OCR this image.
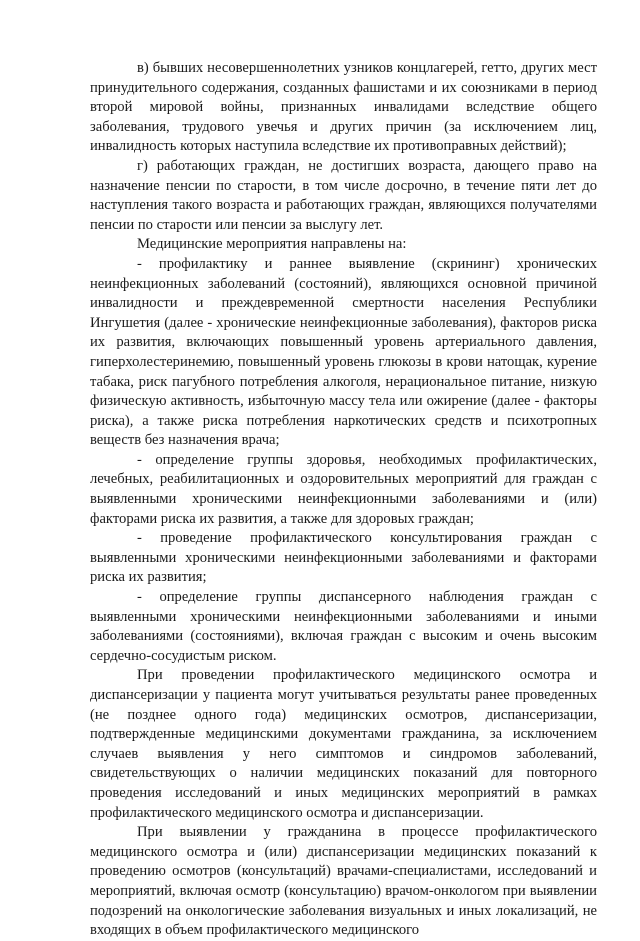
в) бывших несовершеннолетних узников концлагерей, гетто, других мест принудительного содержания, созданных фашистами и их союзниками в период второй мировой войны, признанных инвалидами вследствие общего заболевания, трудового увечья и других причин (за исключением лиц, инвалидность которых наступила вследствие их противоправных действий);

г) работающих граждан, не достигших возраста, дающего право на назначение пенсии по старости, в том числе досрочно, в течение пяти лет до наступления такого возраста и работающих граждан, являющихся получателями пенсии по старости или пенсии за выслугу лет.

Медицинские мероприятия направлены на:

- профилактику и раннее выявление (скрининг) хронических неинфекционных заболеваний (состояний), являющихся основной причиной инвалидности и преждевременной смертности населения Республики Ингушетия (далее - хронические неинфекционные заболевания), факторов риска их развития, включающих повышенный уровень артериального давления, гиперхолестеринемию, повышенный уровень глюкозы в крови натощак, курение табака, риск пагубного потребления алкоголя, нерациональное питание, низкую физическую активность, избыточную массу тела или ожирение (далее - факторы риска), а также риска потребления наркотических средств и психотропных веществ без назначения врача;

- определение группы здоровья, необходимых профилактических, лечебных, реабилитационных и оздоровительных мероприятий для граждан с выявленными хроническими неинфекционными заболеваниями и (или) факторами риска их развития, а также для здоровых граждан;

- проведение профилактического консультирования граждан с выявленными хроническими неинфекционными заболеваниями и факторами риска их развития;

- определение группы диспансерного наблюдения граждан с выявленными хроническими неинфекционными заболеваниями и иными заболеваниями (состояниями), включая граждан с высоким и очень высоким сердечно-сосудистым риском.

При проведении профилактического медицинского осмотра и диспансеризации у пациента могут учитываться результаты ранее проведенных (не позднее одного года) медицинских осмотров, диспансеризации, подтвержденные медицинскими документами гражданина, за исключением случаев выявления у него симптомов и синдромов заболеваний, свидетельствующих о наличии медицинских показаний для повторного проведения исследований и иных медицинских мероприятий в рамках профилактического медицинского осмотра и диспансеризации.

При выявлении у гражданина в процессе профилактического медицинского осмотра и (или) диспансеризации медицинских показаний к проведению осмотров (консультаций) врачами-специалистами, исследований и мероприятий, включая осмотр (консультацию) врачом-онкологом при выявлении подозрений на онкологические заболевания визуальных и иных локализаций, не входящих в объем профилактического медицинского
